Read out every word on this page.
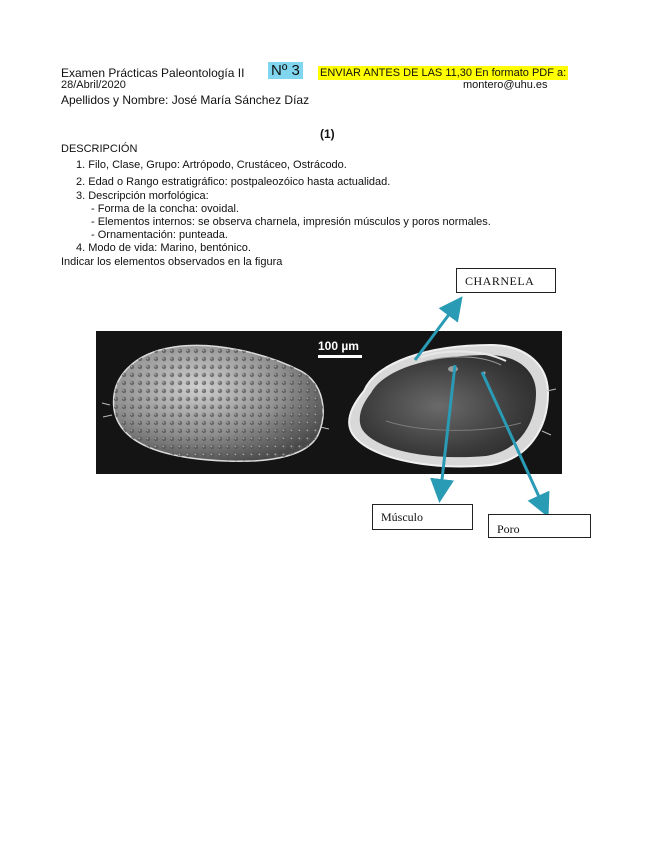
Examen Prácticas Paleontología II Nº 3 ENVIAR ANTES DE LAS 11,30 En formato PDF a:
28/Abril/2020	montero@uhu.es
Apellidos y Nombre: José María Sánchez Díaz
(1)
DESCRIPCIÓN
1. Filo, Clase, Grupo: Artrópodo, Crustáceo, Ostrácodo.
2. Edad o Rango estratigráfico: postpaleozóico hasta actualidad.
3. Descripción morfológica:
- Forma de la concha: ovoidal.
- Elementos internos: se observa charnela, impresión músculos y poros normales.
- Ornamentación: punteada.
4. Modo de vida: Marino, bentónico.
Indicar los elementos observados en la figura
100 µm
CHARNELA
Músculo
Poro
